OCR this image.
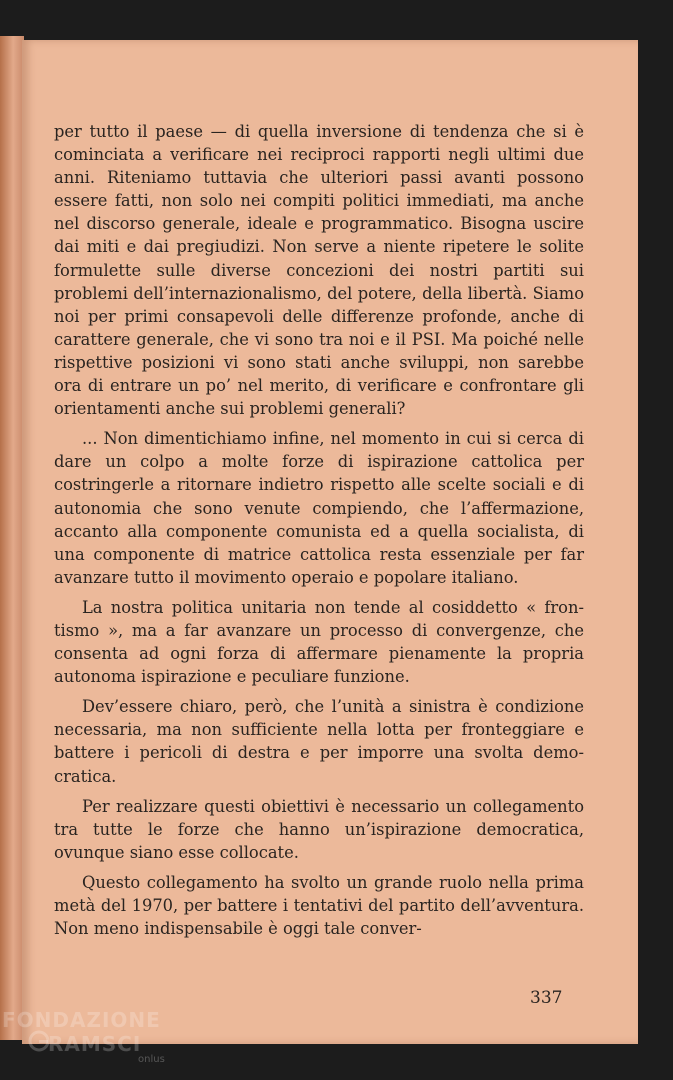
per tutto il paese — di quella inversione di tendenza che si è cominciata a verificare nei reciproci rapporti negli ultimi due anni. Riteniamo tuttavia che ulteriori passi avanti possono essere fatti, non solo nei compiti politici immediati, ma anche nel discorso generale, ideale e programmatico. Bisogna uscire dai miti e dai pregiudizi. Non serve a niente ripetere le solite formulette sulle diverse concezioni dei nostri partiti sui problemi dell’internazionalismo, del potere, della libertà. Siamo noi per primi consapevoli delle differenze profonde, anche di carattere generale, che vi sono tra noi e il PSI. Ma poiché nelle rispettive posizioni vi sono stati anche sviluppi, non sarebbe ora di entrare un po’ nel merito, di verificare e confrontare gli orientamenti anche sui problemi generali?

... Non dimentichiamo infine, nel momento in cui si cerca di dare un colpo a molte forze di ispirazione cattolica per costringerle a ritornare indietro rispetto alle scelte sociali e di autonomia che sono venute compiendo, che l’affermazione, accanto alla componente comunista ed a quella socialista, di una componente di matrice cattolica resta essenziale per far avanzare tutto il movimento operaio e popolare italiano.

La nostra politica unitaria non tende al cosiddetto « frontismo », ma a far avanzare un processo di convergenze, che consenta ad ogni forza di affermare pienamente la propria autonoma ispirazione e peculiare funzione.

Dev’essere chiaro, però, che l’unità a sinistra è condizione necessaria, ma non sufficiente nella lotta per fronteggiare e battere i pericoli di destra e per imporre una svolta democratica.

Per realizzare questi obiettivi è necessario un collegamento tra tutte le forze che hanno un’ispirazione democratica, ovunque siano esse collocate.

Questo collegamento ha svolto un grande ruolo nella prima metà del 1970, per battere i tentativi del partito dell’avventura. Non meno indispensabile è oggi tale conver-

337
FONDAZIONE
RAMSCI
onlus
